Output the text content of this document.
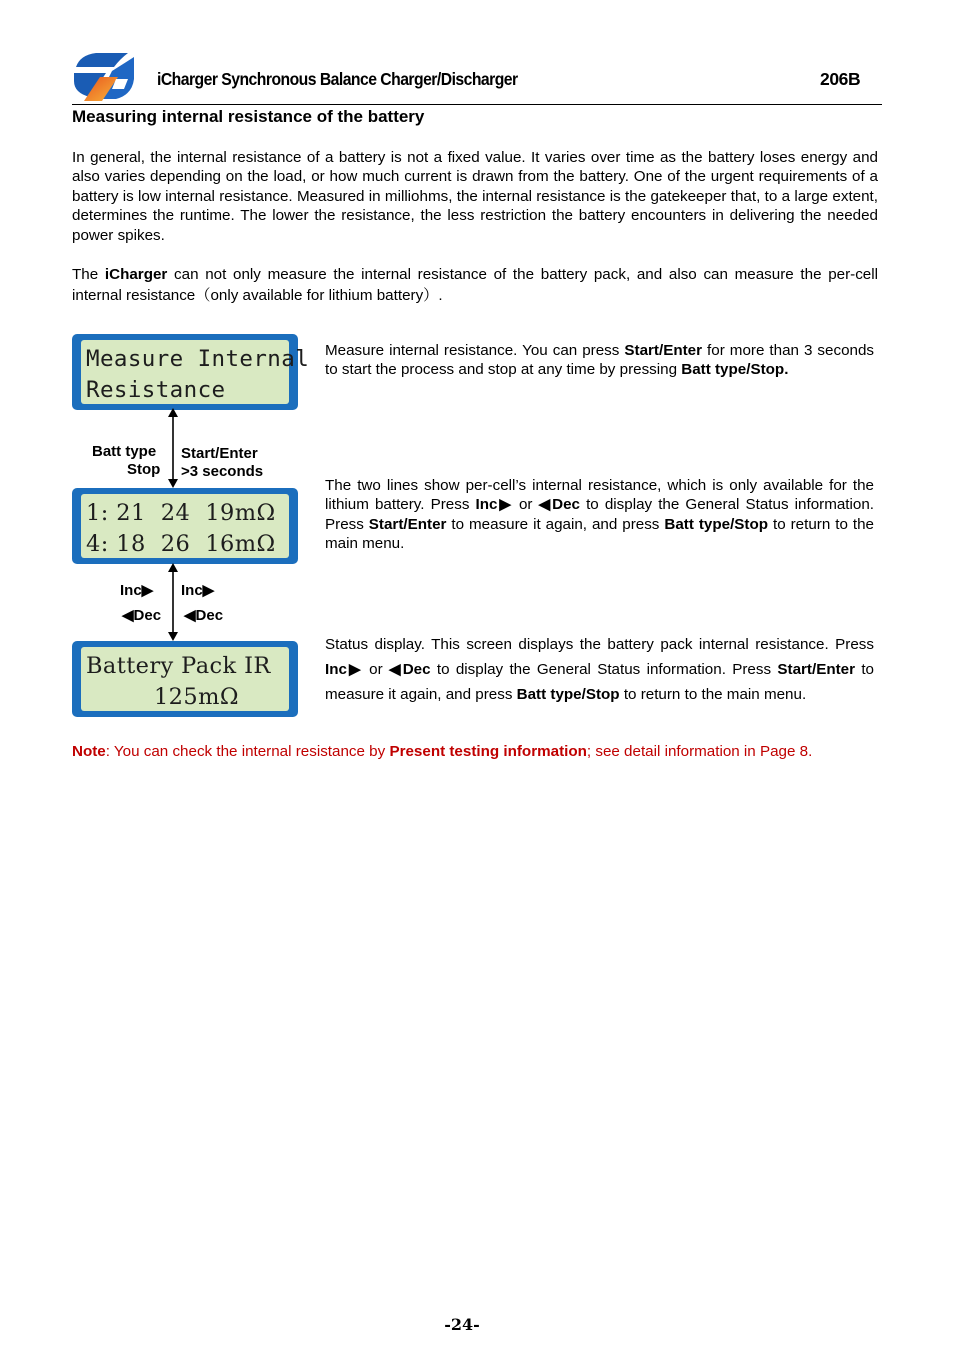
iCharger Synchronous Balance Charger/Discharger	206B
Measuring internal resistance of the battery

In general, the internal resistance of a battery is not a fixed value. It varies over time as the battery loses energy and also varies depending on the load, or how much current is drawn from the battery. One of the urgent requirements of a battery is low internal resistance. Measured in milliohms, the internal resistance is the gatekeeper that, to a large extent, determines the runtime. The lower the resistance, the less restriction the battery encounters in delivering the needed power spikes.

The iCharger can not only measure the internal resistance of the battery pack, and also can measure the per-cell internal resistance（only available for lithium battery）.

Measure Internal
Resistance
Batt type
Stop
Start/Enter
>3 seconds
1: 21  24  19mΩ
4: 18  26  16mΩ
Inc▶
◀Dec
Inc▶
◀Dec
Battery Pack IR
125mΩ

Measure internal resistance. You can press Start/Enter for more than 3 seconds to start the process and stop at any time by pressing Batt type/Stop.

The two lines show per-cell’s internal resistance, which is only available for the lithium battery. Press Inc▶ or ◀Dec to display the General Status information. Press Start/Enter to measure it again, and press Batt type/Stop to return to the main menu.

Status display. This screen displays the battery pack internal resistance. Press Inc▶ or ◀Dec to display the General Status information. Press Start/Enter to measure it again, and press Batt type/Stop to return to the main menu.

Note: You can check the internal resistance by Present testing information; see detail information in Page 8.

-24-
